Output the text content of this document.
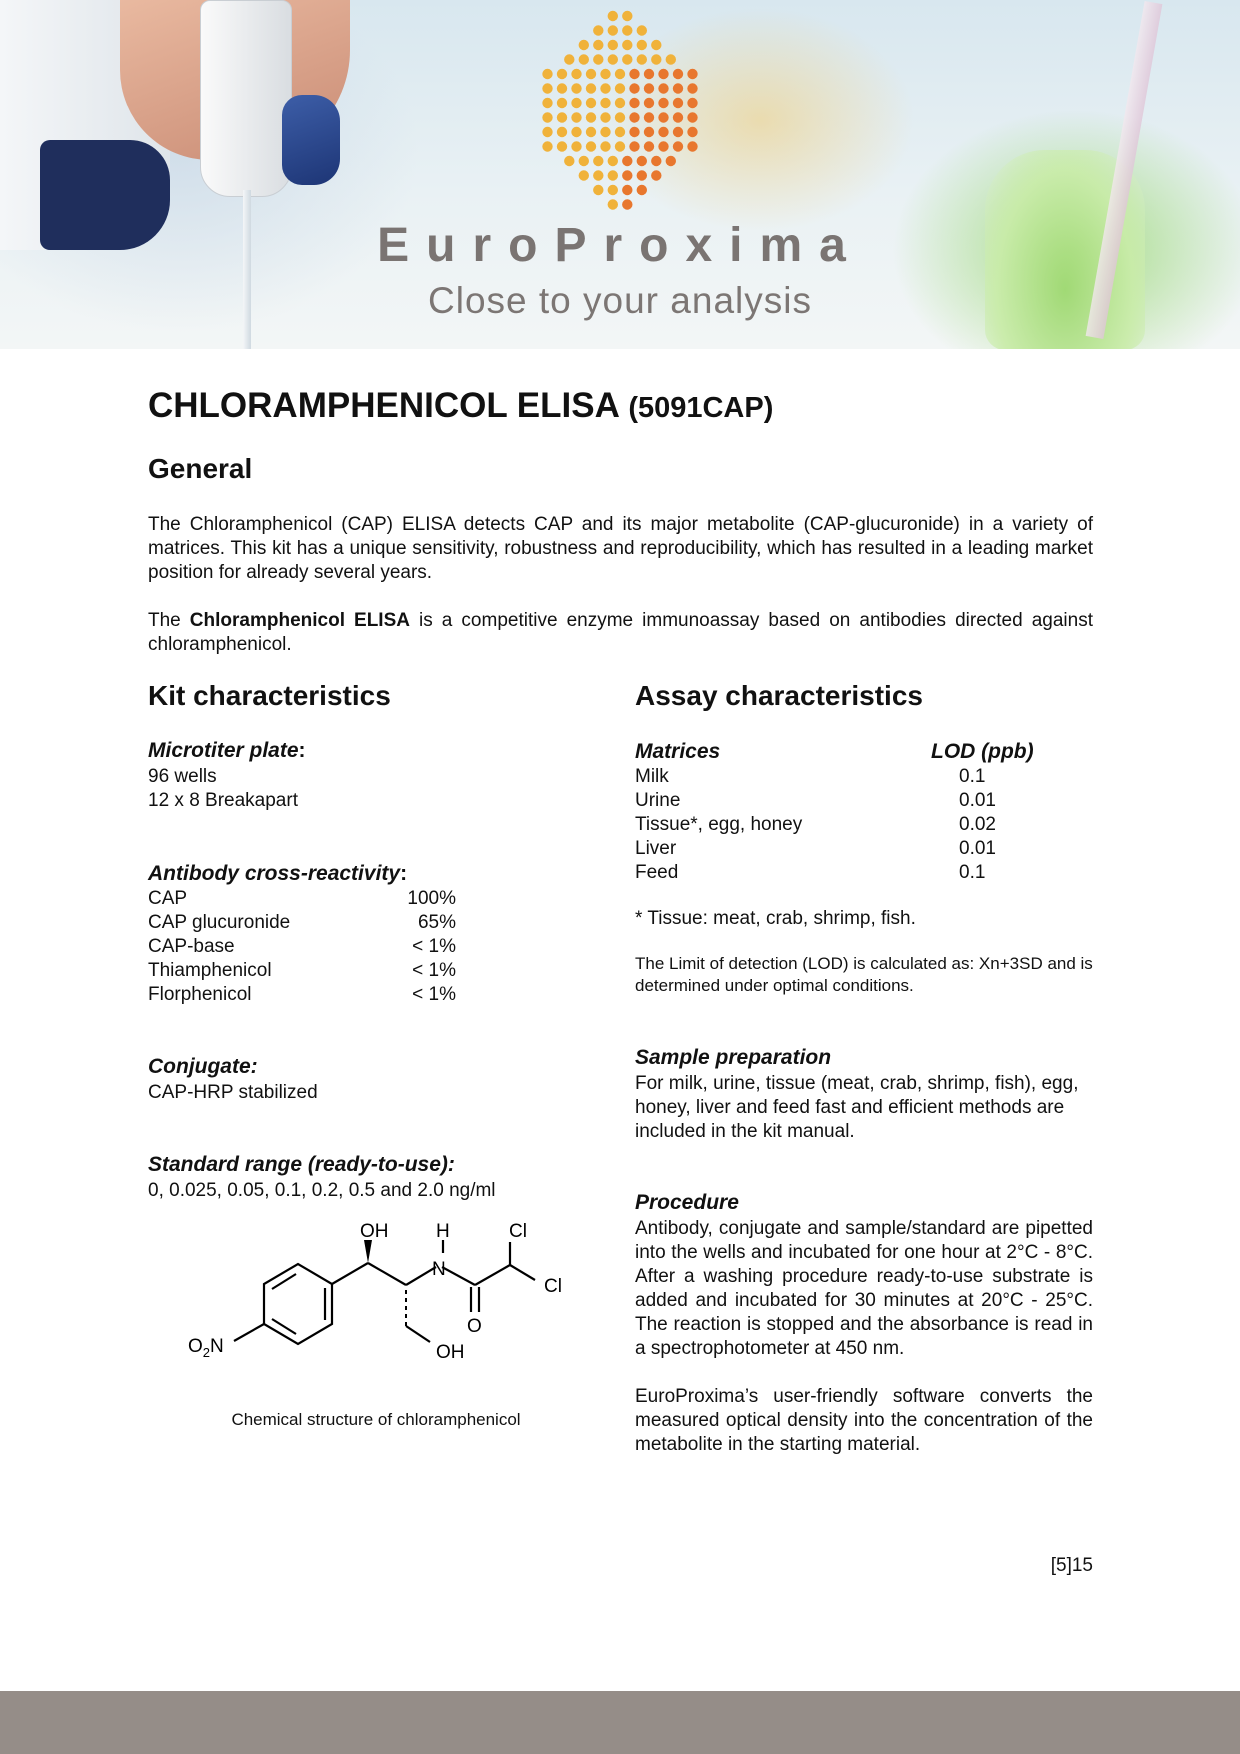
EuroProxima
Close to your analysis
CHLORAMPHENICOL ELISA (5091CAP)
General
The Chloramphenicol (CAP) ELISA detects CAP and its major metabolite (CAP-glucuronide) in a variety of matrices. This kit has a unique sensitivity, robustness and reproducibility, which has resulted in a leading market position for already several years.
The Chloramphenicol ELISA is a competitive enzyme immunoassay based on antibodies directed against chloramphenicol.
Kit characteristics
Microtiter plate:
96 wells
12 x 8 Breakapart
Antibody cross-reactivity:
CAP	100%
CAP glucuronide	65%
CAP-base	< 1%
Thiamphenicol	< 1%
Florphenicol	< 1%
Conjugate:
CAP-HRP stabilized
Standard range (ready-to-use):
0, 0.025, 0.05, 0.1, 0.2, 0.5 and 2.0 ng/ml
OH	H
N
Cl
Cl
O
OH
$O_2N$
Chemical structure of chloramphenicol
Assay characteristics
Matrices	LOD (ppb)
Milk	0.1
Urine	0.01
Tissue*, egg, honey	0.02
Liver	0.01
Feed	0.1
* Tissue: meat, crab, shrimp, fish.
The Limit of detection (LOD) is calculated as: Xn+3SD and is determined under optimal conditions.
Sample preparation
For milk, urine, tissue (meat, crab, shrimp, fish), egg, honey, liver and feed fast and efficient methods are included in the kit manual.
Procedure
Antibody, conjugate and sample/standard are pipetted into the wells and incubated for one hour at 2°C - 8°C. After a washing procedure ready-to-use substrate is added and incubated for 30 minutes at 20°C - 25°C. The reaction is stopped and the absorbance is read in a spectrophotometer at 450 nm.
EuroProxima’s user-friendly software converts the measured optical density into the concentration of the metabolite in the starting material.
[5]15
